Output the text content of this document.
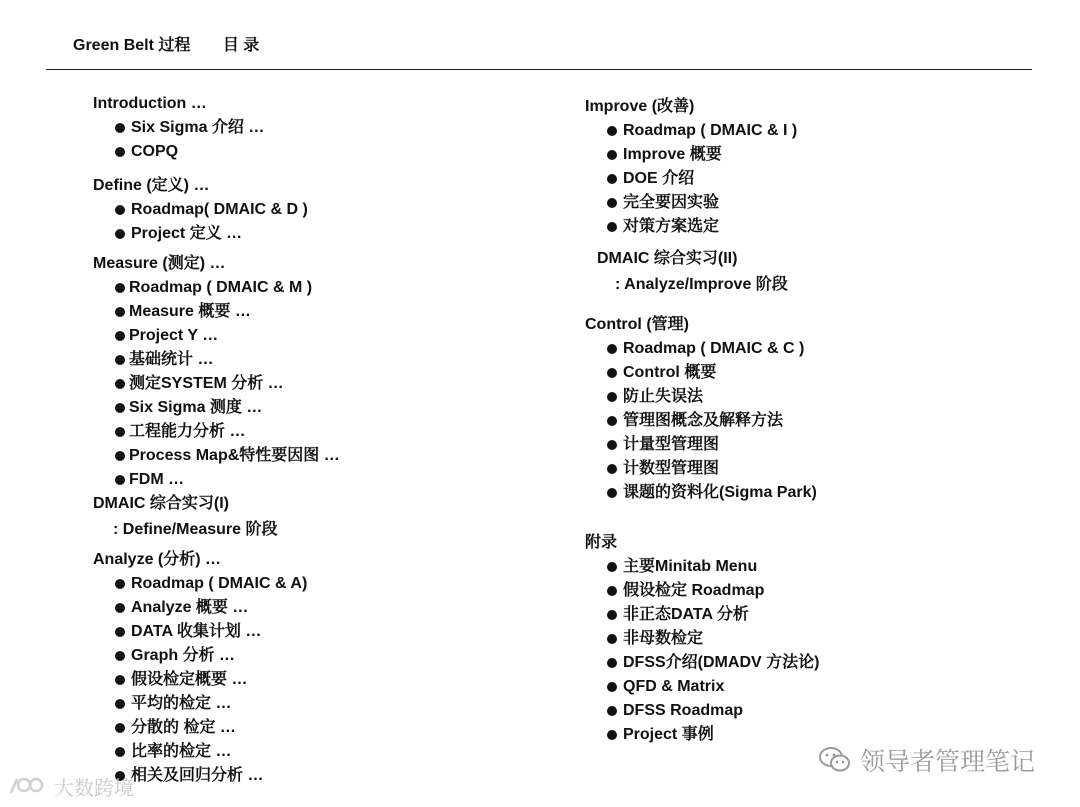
Green Belt 过程 目 录
Introduction …
Six Sigma 介绍 …
COPQ
Define (定义) …
Roadmap( DMAIC & D )
Project 定义 …
Measure (测定) …
Roadmap ( DMAIC & M )
Measure 概要 …
Project Y …
基础统计 …
测定SYSTEM 分析 …
Six Sigma 测度 …
工程能力分析 …
Process Map&特性要因图 …
FDM …
DMAIC 综合实习(I)
: Define/Measure 阶段
Analyze (分析) …
Roadmap ( DMAIC & A)
Analyze 概要 …
DATA 收集计划 …
Graph 分析 …
假设检定概要 …
平均的检定 …
分散的 检定 …
比率的检定 …
相关及回归分析 …
Improve (改善)
Roadmap ( DMAIC & I )
Improve 概要
DOE 介绍
完全要因实验
对策方案选定
DMAIC 综合实习(II)
: Analyze/Improve 阶段
Control (管理)
Roadmap ( DMAIC & C )
Control 概要
防止失误法
管理图概念及解释方法
计量型管理图
计数型管理图
课题的资料化(Sigma Park)
附录
主要Minitab Menu
假设检定 Roadmap
非正态DATA 分析
非母数检定
DFSS介绍(DMADV 方法论)
QFD & Matrix
DFSS Roadmap
Project 事例
领导者管理笔记
大数跨境
